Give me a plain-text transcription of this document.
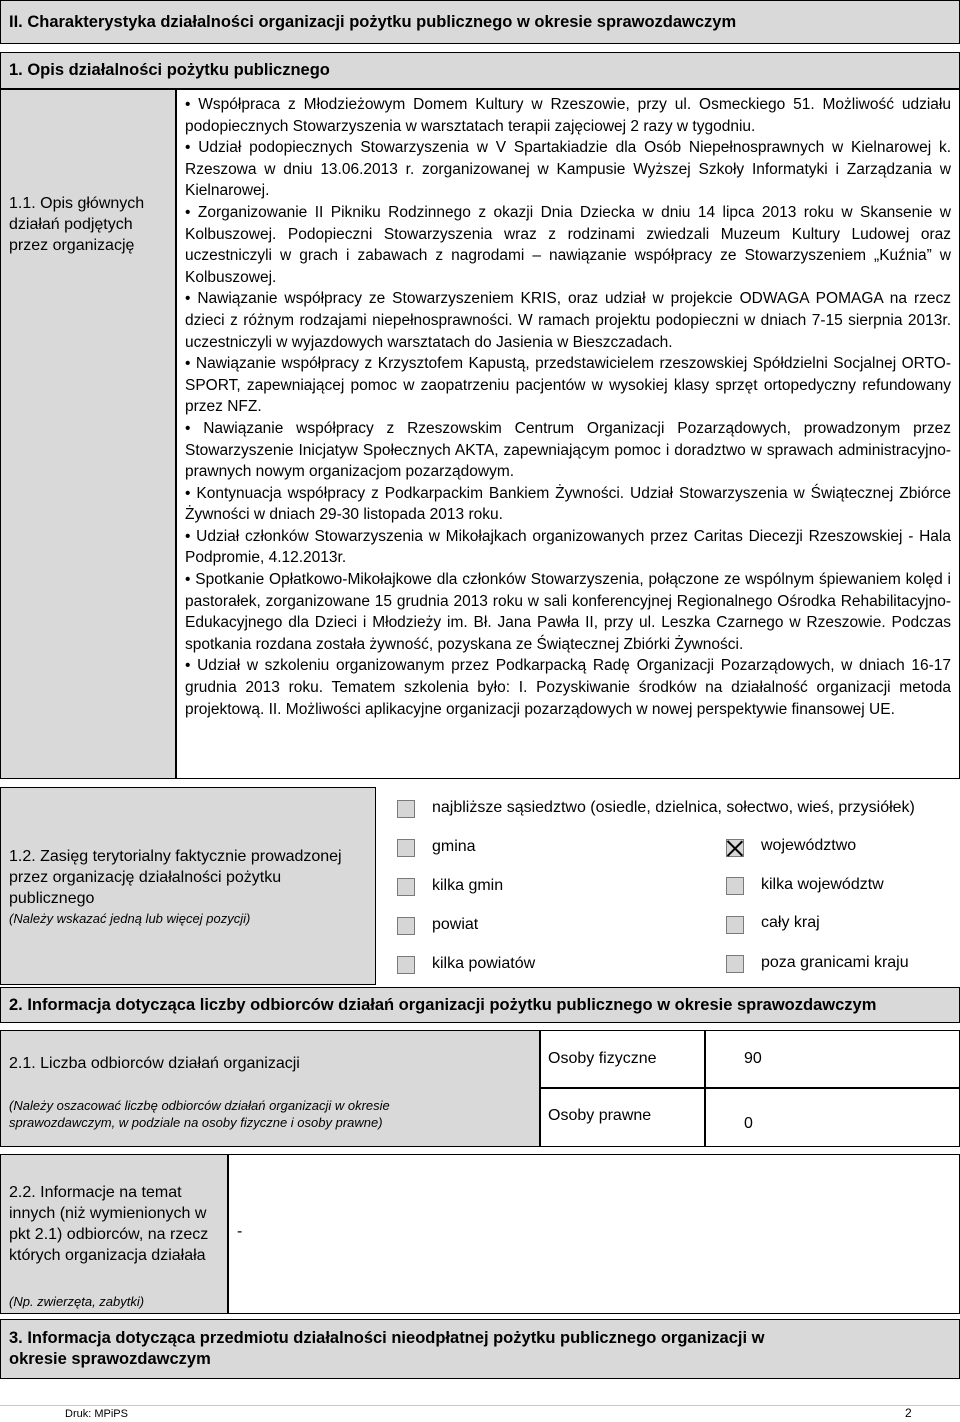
II. Charakterystyka działalności organizacji pożytku publicznego w okresie sprawozdawczym
1. Opis działalności pożytku publicznego
1.1. Opis głównych działań podjętych przez organizację

• Współpraca z Młodzieżowym Domem Kultury w Rzeszowie, przy ul. Osmeckiego 51. Możliwość udziału podopiecznych Stowarzyszenia w warsztatach terapii zajęciowej 2 razy w tygodniu.

• Udział podopiecznych Stowarzyszenia w V Spartakiadzie dla Osób Niepełnosprawnych w Kielnarowej k. Rzeszowa w dniu 13.06.2013 r. zorganizowanej w Kampusie Wyższej Szkoły Informatyki i Zarządzania w Kielnarowej.

• Zorganizowanie II Pikniku Rodzinnego z okazji Dnia Dziecka w dniu 14 lipca 2013 roku w Skansenie w Kolbuszowej. Podopieczni Stowarzyszenia wraz z rodzinami zwiedzali Muzeum Kultury Ludowej oraz uczestniczyli w grach i zabawach z nagrodami – nawiązanie współpracy ze Stowarzyszeniem „Kuźnia” w Kolbuszowej.

• Nawiązanie współpracy ze Stowarzyszeniem KRIS, oraz udział w projekcie ODWAGA POMAGA na rzecz dzieci z różnym rodzajami niepełnosprawności. W ramach projektu podopieczni w dniach 7-15 sierpnia 2013r. uczestniczyli w wyjazdowych warsztatach do Jasienia w Bieszczadach.

• Nawiązanie współpracy z Krzysztofem Kapustą, przedstawicielem rzeszowskiej Spółdzielni Socjalnej ORTO-SPORT, zapewniającej pomoc w zaopatrzeniu pacjentów w wysokiej klasy sprzęt ortopedyczny refundowany przez NFZ.

• Nawiązanie współpracy z Rzeszowskim Centrum Organizacji Pozarządowych, prowadzonym przez Stowarzyszenie Inicjatyw Społecznych AKTA, zapewniającym pomoc i doradztwo w sprawach administracyjno-prawnych nowym organizacjom pozarządowym.

• Kontynuacja współpracy z Podkarpackim Bankiem Żywności. Udział Stowarzyszenia w Świątecznej Zbiórce Żywności w dniach 29-30 listopada 2013 roku.

• Udział członków Stowarzyszenia w Mikołajkach organizowanych przez Caritas Diecezji Rzeszowskiej - Hala Podpromie, 4.12.2013r.

• Spotkanie Opłatkowo-Mikołajkowe dla członków Stowarzyszenia, połączone ze wspólnym śpiewaniem kolęd i pastorałek, zorganizowane 15 grudnia 2013 roku w sali konferencyjnej Regionalnego Ośrodka Rehabilitacyjno-Edukacyjnego dla Dzieci i Młodzieży im. Bł. Jana Pawła II, przy ul. Leszka Czarnego w Rzeszowie. Podczas spotkania rozdana została żywność, pozyskana ze Świątecznej Zbiórki Żywności.

• Udział w szkoleniu organizowanym przez Podkarpacką Radę Organizacji Pozarządowych, w dniach 16-17 grudnia 2013 roku. Tematem szkolenia było: I. Pozyskiwanie środków na działalność organizacji metoda projektową. II. Możliwości aplikacyjne organizacji pozarządowych w nowej perspektywie finansowej UE.

1.2. Zasięg terytorialny faktycznie prowadzonej przez organizację działalności pożytku publicznego
(Należy wskazać jedną lub więcej pozycji)
najbliższe sąsiedztwo (osiedle, dzielnica, sołectwo, wieś, przysiółek)
gmina	województwo
kilka gmin	kilka województw
powiat	cały kraj
kilka powiatów	poza granicami kraju
2. Informacja dotycząca liczby odbiorców działań organizacji pożytku publicznego w okresie sprawozdawczym
2.1. Liczba odbiorców działań organizacji
(Należy oszacować liczbę odbiorców działań organizacji w okresie sprawozdawczym, w podziale na osoby fizyczne i osoby prawne)
Osoby fizyczne	90
Osoby prawne	0
2.2. Informacje na temat innych (niż wymienionych w pkt 2.1) odbiorców, na rzecz których organizacja działała
(Np. zwierzęta, zabytki)
-
3. Informacja dotycząca przedmiotu działalności nieodpłatnej pożytku publicznego organizacji w okresie sprawozdawczym
Druk: MPiPS	2
